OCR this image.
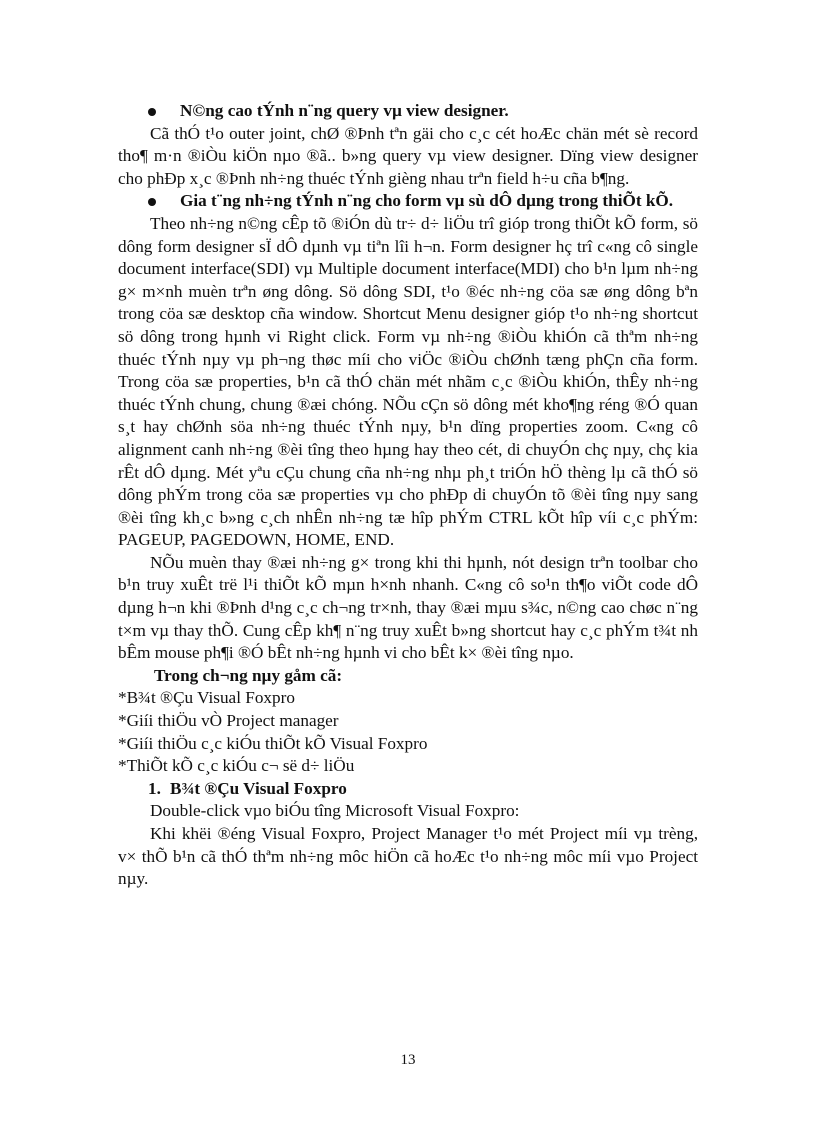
N©ng cao tÝnh n¨ng query vµ view designer.

Cã thÓ t¹o outer joint, chØ ®Þnh tªn gäi cho c¸c cét hoÆc chän mét sè record tho¶ m·n ®iÒu kiÖn nµo ®ã.. b»ng query vµ view designer. Dïng view designer cho phÐp x¸c ®Þnh nh÷ng thuéc tÝnh gièng nhau trªn field h÷u cña b¶ng.

Gia t¨ng nh÷ng tÝnh n¨ng cho form vµ sù dÔ dµng trong thiÕt kÕ.

Theo nh÷ng n©ng cÊp tõ ®iÓn dù tr÷ d÷ liÖu trî gióp trong thiÕt kÕ form, sö dông form designer sÏ dÔ dµnh vµ tiªn lîi h¬n. Form designer hç trî c«ng cô single document interface(SDI) vµ Multiple document interface(MDI) cho b¹n lµm nh÷ng g× m×nh muèn trªn øng dông. Sö dông SDI, t¹o ®éc nh÷ng cöa sæ øng dông bªn trong cöa sæ desktop cña window. Shortcut Menu designer gióp t¹o nh÷ng shortcut sö dông trong hµnh vi Right click. Form vµ nh÷ng ®iÒu khiÓn cã thªm nh÷ng thuéc tÝnh nµy vµ ph¬ng thøc míi cho viÖc ®iÒu chØnh tæng phÇn cña form. Trong cöa sæ properties, b¹n cã thÓ chän mét nhãm c¸c ®iÒu khiÓn, thÊy nh÷ng thuéc tÝnh chung, chung ®æi chóng. NÕu cÇn sö dông mét kho¶ng réng ®Ó quan s¸t hay chØnh söa nh÷ng thuéc tÝnh nµy, b¹n dïng properties zoom. C«ng cô alignment canh nh÷ng ®èi tîng theo hµng hay theo cét, di chuyÓn chç nµy, chç kia rÊt dÔ dµng. Mét yªu cÇu chung cña nh÷ng nhµ ph¸t triÓn hÖ thèng lµ cã thÓ sö dông phÝm trong cöa sæ properties vµ cho phÐp di chuyÓn tõ ®èi tîng nµy sang ®èi tîng kh¸c b»ng c¸ch nhÊn nh÷ng tæ hîp phÝm CTRL kÕt hîp víi c¸c phÝm: PAGEUP, PAGEDOWN, HOME, END.

NÕu muèn thay ®æi nh÷ng g× trong khi thi hµnh, nót design trªn toolbar cho b¹n truy xuÊt trë l¹i thiÕt kÕ mµn h×nh nhanh. C«ng cô so¹n th¶o viÕt code dÔ dµng h¬n khi ®Þnh d¹ng c¸c ch¬ng tr×nh, thay ®æi mµu s¾c, n©ng cao chøc n¨ng t×m vµ thay thÕ. Cung cÊp kh¶ n¨ng truy xuÊt b»ng shortcut hay c¸c phÝm t¾t nh bÊm mouse ph¶i ®Ó bÊt nh÷ng hµnh vi cho bÊt k× ®èi tîng nµo.

Trong ch¬ng nµy gåm cã:

*B¾t ®Çu Visual Foxpro

*Giíi thiÖu vÒ Project manager

*Giíi thiÖu c¸c kiÓu thiÕt kÕ Visual Foxpro

*ThiÕt kÕ c¸c kiÓu c¬ së d÷ liÖu

1. B¾t ®Çu Visual Foxpro

Double-click vµo biÓu tîng Microsoft Visual Foxpro:

Khi khëi ®éng Visual Foxpro, Project Manager t¹o mét Project míi vµ trèng, v× thÕ b¹n cã thÓ thªm nh÷ng môc hiÖn cã hoÆc t¹o nh÷ng môc míi vµo Project nµy.

13
